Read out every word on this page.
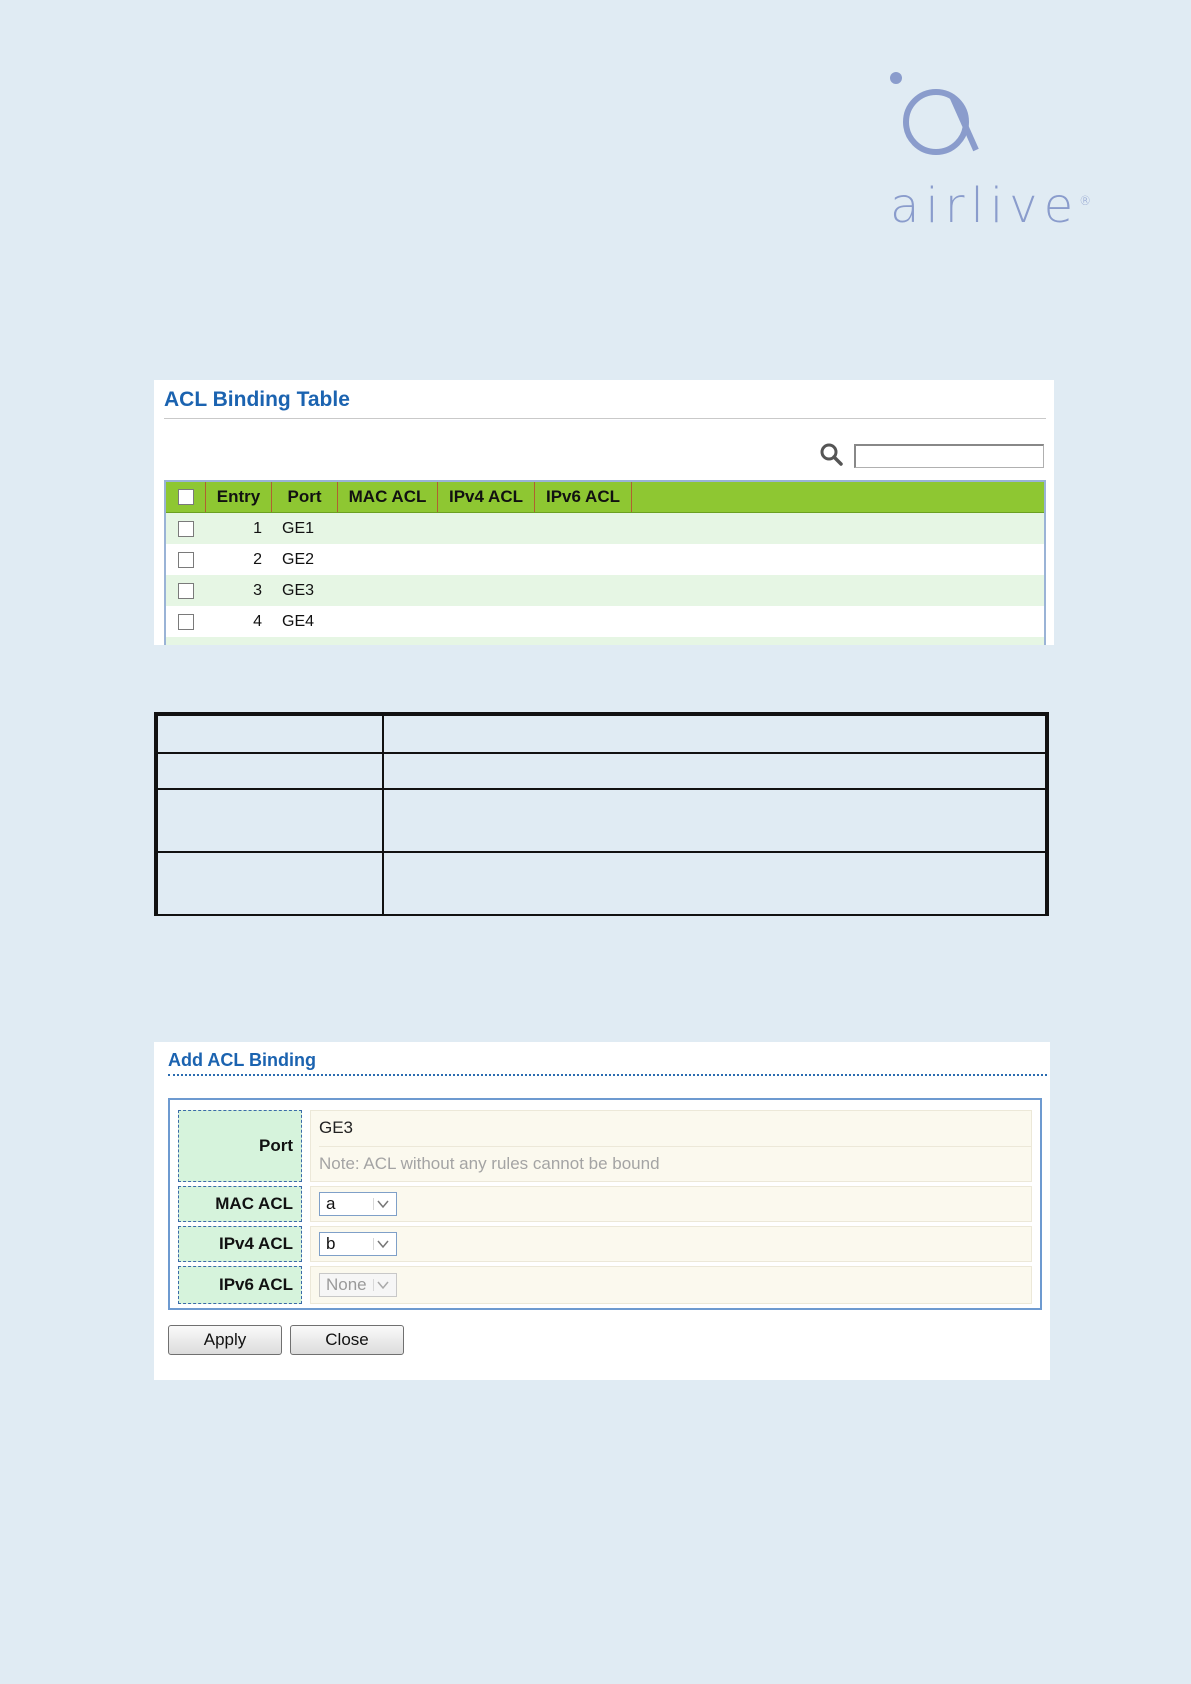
airlive®
ACL Binding Table
Entry	Port	MAC ACL	IPv4 ACL	IPv6 ACL
1	GE1
2	GE2
3	GE3
4	GE4

Add ACL Binding
Port
GE3
Note: ACL without any rules cannot be bound
MAC ACL	a
IPv4 ACL	b
IPv6 ACL	None
Apply	Close
